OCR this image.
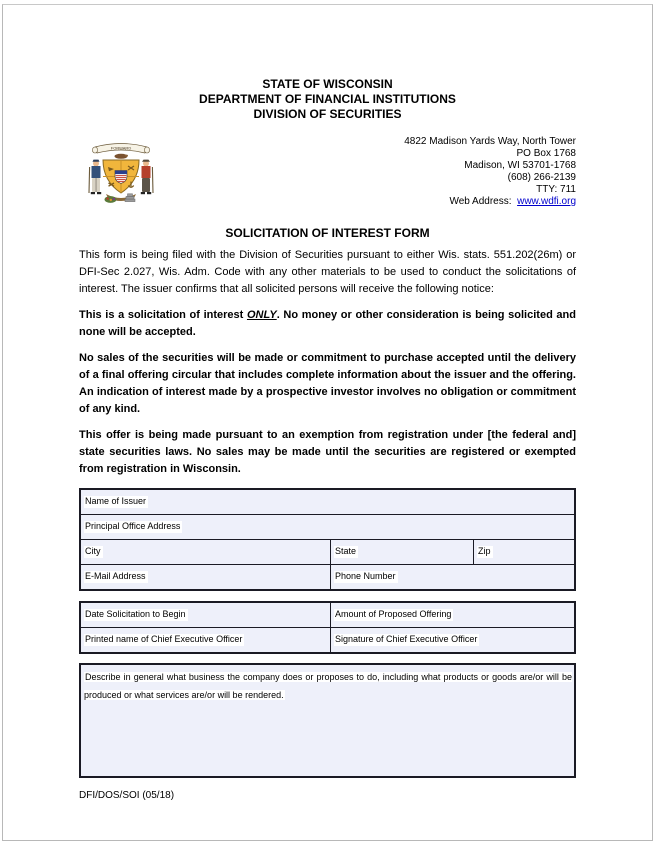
STATE OF WISCONSIN
DEPARTMENT OF FINANCIAL INSTITUTIONS
DIVISION OF SECURITIES
FORWARD
4822 Madison Yards Way, North Tower
PO Box 1768
Madison, WI 53701-1768
(608) 266-2139
TTY: 711
Web Address: www.wdfi.org
SOLICITATION OF INTEREST FORM

This form is being filed with the Division of Securities pursuant to either Wis. stats. 551.202(26m) or DFI-Sec 2.027, Wis. Adm. Code with any other materials to be used to conduct the solicitations of interest. The issuer confirms that all solicited persons will receive the following notice:

This is a solicitation of interest ONLY. No money or other consideration is being solicited and none will be accepted.

No sales of the securities will be made or commitment to purchase accepted until the delivery of a final offering circular that includes complete information about the issuer and the offering. An indication of interest made by a prospective investor involves no obligation or commitment of any kind.

This offer is being made pursuant to an exemption from registration under [the federal and] state securities laws. No sales may be made until the securities are registered or exempted from registration in Wisconsin.

Name of Issuer
Principal Office Address
City	State	Zip
E-Mail Address	Phone Number
Date Solicitation to Begin	Amount of Proposed Offering
Printed name of Chief Executive Officer	Signature of Chief Executive Officer
Describe in general what business the company does or proposes to do, including what products or goods are/or will be produced or what services are/or will be rendered.
DFI/DOS/SOI (05/18)
